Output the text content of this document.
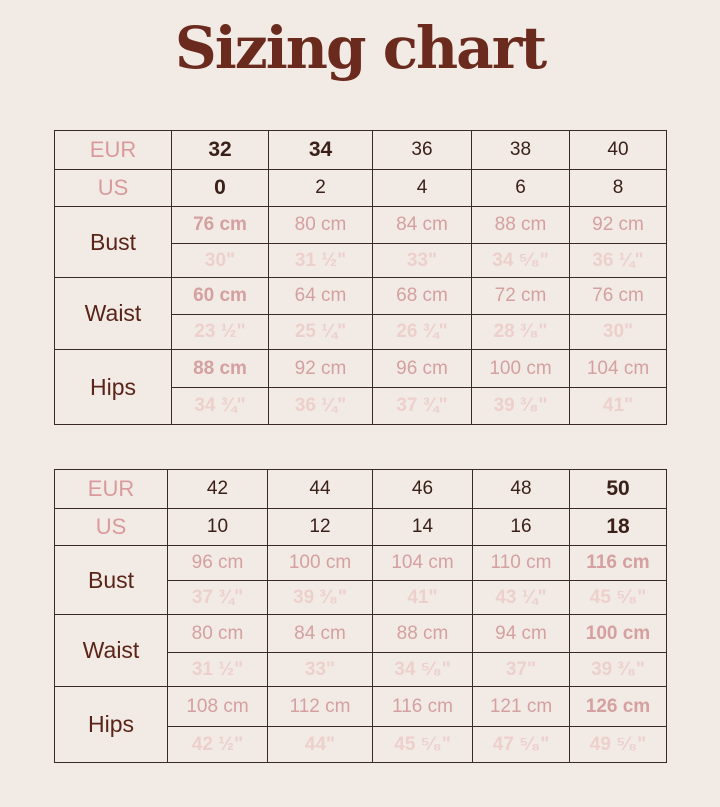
Sizing chart
EUR	32	34	36	38	40
US	0	2	4	6	8
Bust	76 cm	80 cm	84 cm	88 cm	92 cm
	30"	31 ½"	33"	34 ⁵⁄₈"	36 ¼"
Waist	60 cm	64 cm	68 cm	72 cm	76 cm
	23 ½"	25 ¼"	26 ¾"	28 ³⁄₈"	30"
Hips	88 cm	92 cm	96 cm	100 cm	104 cm
	34 ¾"	36 ¼"	37 ¾"	39 ³⁄₈"	41"
EUR	42	44	46	48	50
US	10	12	14	16	18
Bust	96 cm	100 cm	104 cm	110 cm	116 cm
	37 ¾"	39 ³⁄₈"	41"	43 ¼"	45 ⁵⁄₈"
Waist	80 cm	84 cm	88 cm	94 cm	100 cm
	31 ½"	33"	34 ⁵⁄₈"	37"	39 ³⁄₈"
Hips	108 cm	112 cm	116 cm	121 cm	126 cm
	42 ½"	44"	45 ⁵⁄₈"	47 ⁵⁄₈"	49 ⁵⁄₈"
